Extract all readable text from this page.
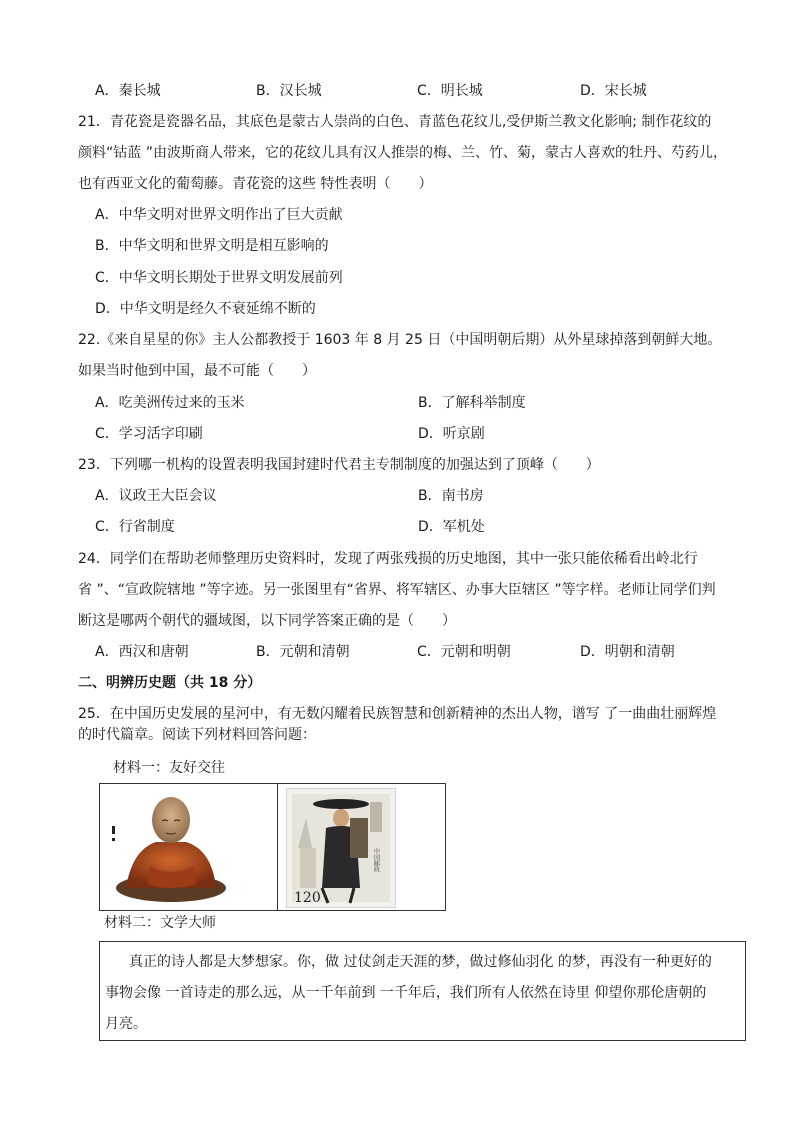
A．秦长城	B．汉长城	C．明长城	D．宋长城
21．青花瓷是瓷器名品，其底色是蒙古人崇尚的白色、青蓝色花纹儿,受伊斯兰教文化影响; 制作花纹的
颜料“钴蓝 ”由波斯商人带来，它的花纹儿具有汉人推崇的梅、兰、竹、菊，蒙古人喜欢的牡丹、芍药儿，
也有西亚文化的葡萄藤。青花瓷的这些 特性表明（　　）
A．中华文明对世界文明作出了巨大贡献
B．中华文明和世界文明是相互影响的
C．中华文明长期处于世界文明发展前列
D．中华文明是经久不衰延绵不断的
22.《来自星星的你》主人公都教授于 1603 年 8 月 25 日（中国明朝后期）从外星球掉落到朝鲜大地。
如果当时他到中国，最不可能（　　）
A．吃美洲传过来的玉米	B．了解科举制度
C．学习活字印刷	D．听京剧
23．下列哪一机构的设置表明我国封建时代君主专制制度的加强达到了顶峰（　　）
A．议政王大臣会议	B．南书房
C．行省制度	D．军机处
24．同学们在帮助老师整理历史资料时，发现了两张残损的历史地图，其中一张只能依稀看出岭北行
省 ”、“宣政院辖地 ”等字迹。另一张图里有“省界、将军辖区、办事大臣辖区 ”等字样。老师让同学们判
断这是哪两个朝代的疆域图，以下同学答案正确的是（　　）
A．西汉和唐朝	B．元朝和清朝	C．元朝和明朝	D．明朝和清朝
二、明辨历史题（共 18 分）
25．在中国历史发展的星河中，有无数闪耀着民族智慧和创新精神的杰出人物，谱写 了一曲曲壮丽辉煌
的时代篇章。阅读下列材料回答问题：
材料一：友好交往
中国邮政
120
材料二：文学大师
真正的诗人都是大梦想家。你，做 过仗剑走天涯的梦，做过修仙羽化 的梦，再没有一种更好的
事物会像 一首诗走的那么远，从一千年前到 一千年后，我们所有人依然在诗里 仰望你那伦唐朝的
月亮。
